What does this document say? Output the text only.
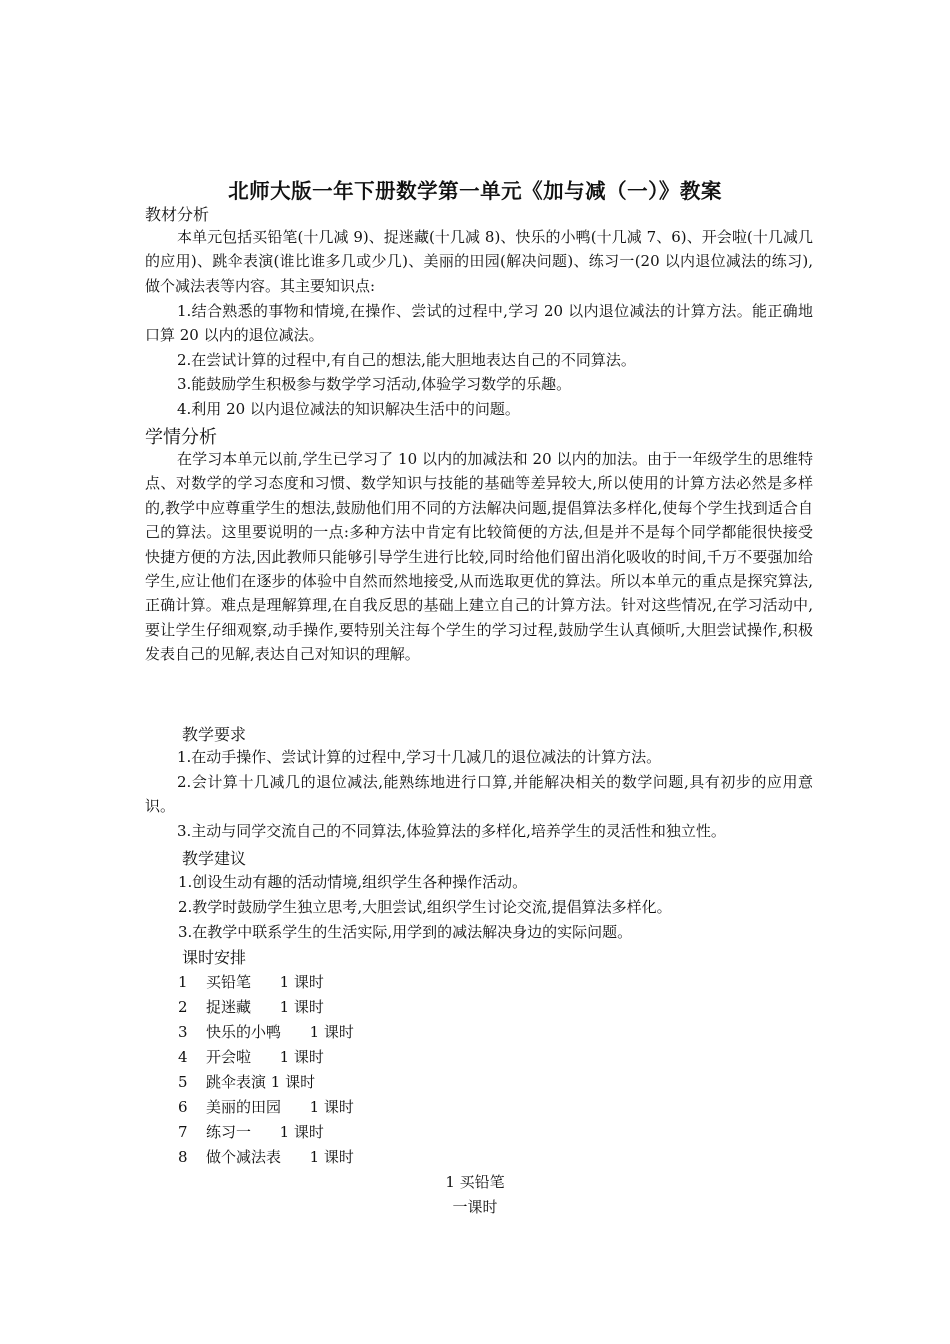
北师大版一年下册数学第一单元《加与减（一）》教案
教材分析
本单元包括买铅笔(十几减 9)、捉迷藏(十几减 8)、快乐的小鸭(十几减 7、6)、开会啦(十几减几的应用)、跳伞表演(谁比谁多几或少几)、美丽的田园(解决问题)、练习一(20 以内退位减法的练习),做个减法表等内容。其主要知识点:
1.结合熟悉的事物和情境,在操作、尝试的过程中,学习 20 以内退位减法的计算方法。能正确地口算 20 以内的退位减法。
2.在尝试计算的过程中,有自己的想法,能大胆地表达自己的不同算法。
3.能鼓励学生积极参与数学学习活动,体验学习数学的乐趣。
4.利用 20 以内退位减法的知识解决生活中的问题。
学情分析
在学习本单元以前,学生已学习了 10 以内的加减法和 20 以内的加法。由于一年级学生的思维特点、对数学的学习态度和习惯、数学知识与技能的基础等差异较大,所以使用的计算方法必然是多样的,教学中应尊重学生的想法,鼓励他们用不同的方法解决问题,提倡算法多样化,使每个学生找到适合自己的算法。这里要说明的一点:多种方法中肯定有比较简便的方法,但是并不是每个同学都能很快接受快捷方便的方法,因此教师只能够引导学生进行比较,同时给他们留出消化吸收的时间,千万不要强加给学生,应让他们在逐步的体验中自然而然地接受,从而选取更优的算法。所以本单元的重点是探究算法,正确计算。难点是理解算理,在自我反思的基础上建立自己的计算方法。针对这些情况,在学习活动中,要让学生仔细观察,动手操作,要特别关注每个学生的学习过程,鼓励学生认真倾听,大胆尝试操作,积极发表自己的见解,表达自己对知识的理解。
教学要求
1.在动手操作、尝试计算的过程中,学习十几减几的退位减法的计算方法。
2.会计算十几减几的退位减法,能熟练地进行口算,并能解决相关的数学问题,具有初步的应用意识。
3.主动与同学交流自己的不同算法,体验算法的多样化,培养学生的灵活性和独立性。
教学建议
1.创设生动有趣的活动情境,组织学生各种操作活动。
2.教学时鼓励学生独立思考,大胆尝试,组织学生讨论交流,提倡算法多样化。
3.在教学中联系学生的生活实际,用学到的减法解决身边的实际问题。
课时安排
1 买铅笔 1 课时
2 捉迷藏 1 课时
3 快乐的小鸭 1 课时
4 开会啦 1 课时
5 跳伞表演 1 课时
6 美丽的田园 1 课时
7 练习一 1 课时
8 做个减法表 1 课时
1 买铅笔
一课时
